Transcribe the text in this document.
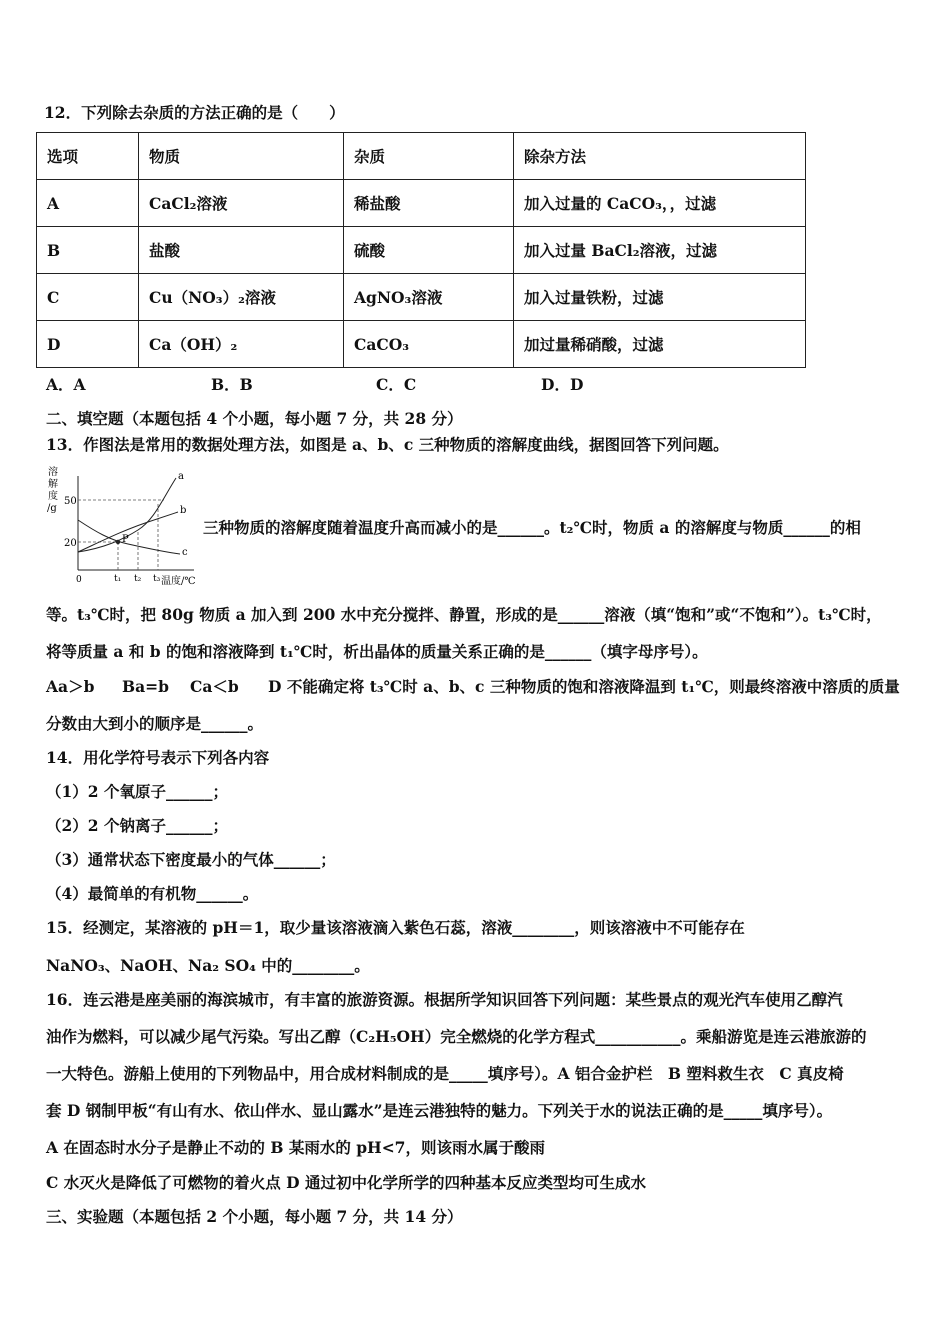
12．下列除去杂质的方法正确的是（　　）
选项	物质	杂质	除杂方法
A	CaCl₂溶液	稀盐酸	加入过量的 CaCO₃，，过滤
B	盐酸	硫酸	加入过量 BaCl₂溶液，过滤
C	Cu（NO₃）₂溶液	AgNO₃溶液	加入过量铁粉，过滤
D	Ca（OH）₂	CaCO₃	加过量稀硝酸，过滤
A．A	B．B	C．C	D．D
二、填空题（本题包括 4 个小题，每小题 7 分，共 28 分）
13．作图法是常用的数据处理方法，如图是 a、b、c 三种物质的溶解度曲线，据图回答下列问题。
溶
解
度
/g
50
20
0	t₁ t₂ t₃ 温度/℃
P
a
b
c
三种物质的溶解度随着温度升高而减小的是______。t₂℃时，物质 a 的溶解度与物质______的相
等。t₃℃时，把 80g 物质 a 加入到 200 水中充分搅拌、静置，形成的是______溶液（填“饱和”或“不饱和”）。t₃℃时，
将等质量 a 和 b 的饱和溶液降到 t₁℃时，析出晶体的质量关系正确的是______（填字母序号）。
Aa＞b Ba=b Ca＜b D 不能确定将 t₃℃时 a、b、c 三种物质的饱和溶液降温到 t₁℃，则最终溶液中溶质的质量
分数由大到小的顺序是______。
14．用化学符号表示下列各内容
（1）2 个氧原子______；
（2）2 个钠离子______；
（3）通常状态下密度最小的气体______；
（4）最简单的有机物______。
15．经测定，某溶液的 pH＝1，取少量该溶液滴入紫色石蕊，溶液________，则该溶液中不可能存在
NaNO₃、NaOH、Na₂ SO₄ 中的________。
16．连云港是座美丽的海滨城市，有丰富的旅游资源。根据所学知识回答下列问题：某些景点的观光汽车使用乙醇汽
油作为燃料，可以减少尾气污染。写出乙醇（C₂H₅OH）完全燃烧的化学方程式___________。乘船游览是连云港旅游的
一大特色。游船上使用的下列物品中，用合成材料制成的是_____填序号）。A 铝合金护栏　B 塑料救生衣　C 真皮椅
套 D 钢制甲板“有山有水、依山伴水、显山露水”是连云港独特的魅力。下列关于水的说法正确的是_____填序号）。
A 在固态时水分子是静止不动的 B 某雨水的 pH<7，则该雨水属于酸雨
C 水灭火是降低了可燃物的着火点 D 通过初中化学所学的四种基本反应类型均可生成水
三、实验题（本题包括 2 个小题，每小题 7 分，共 14 分）
